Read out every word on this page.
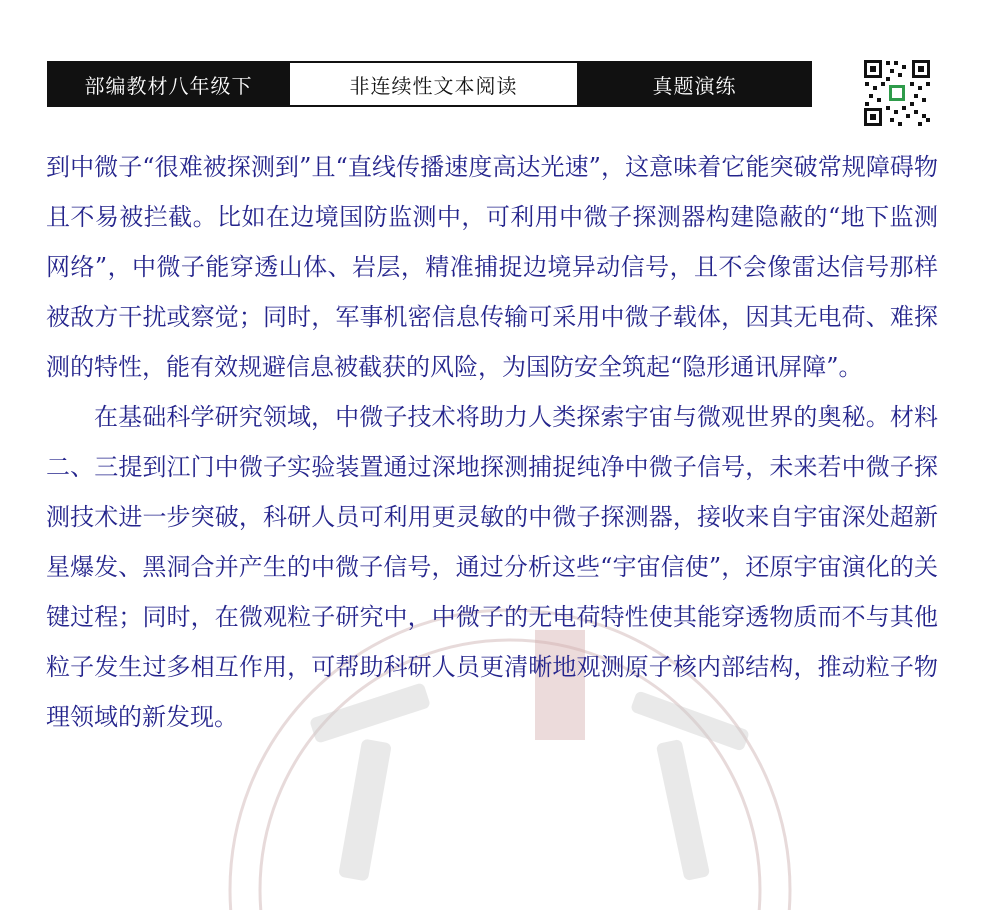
部编教材八年级下	非连续性文本阅读	真题演练

到中微子“很难被探测到”且“直线传播速度高达光速”，这意味着它能突破常规障碍物且不易被拦截。比如在边境国防监测中，可利用中微子探测器构建隐蔽的“地下监测网络”，中微子能穿透山体、岩层，精准捕捉边境异动信号，且不会像雷达信号那样被敌方干扰或察觉；同时，军事机密信息传输可采用中微子载体，因其无电荷、难探测的特性，能有效规避信息被截获的风险，为国防安全筑起“隐形通讯屏障”。

在基础科学研究领域，中微子技术将助力人类探索宇宙与微观世界的奥秘。材料二、三提到江门中微子实验装置通过深地探测捕捉纯净中微子信号，未来若中微子探测技术进一步突破，科研人员可利用更灵敏的中微子探测器，接收来自宇宙深处超新星爆发、黑洞合并产生的中微子信号，通过分析这些“宇宙信使”，还原宇宙演化的关键过程；同时，在微观粒子研究中，中微子的无电荷特性使其能穿透物质而不与其他粒子发生过多相互作用，可帮助科研人员更清晰地观测原子核内部结构，推动粒子物理领域的新发现。
